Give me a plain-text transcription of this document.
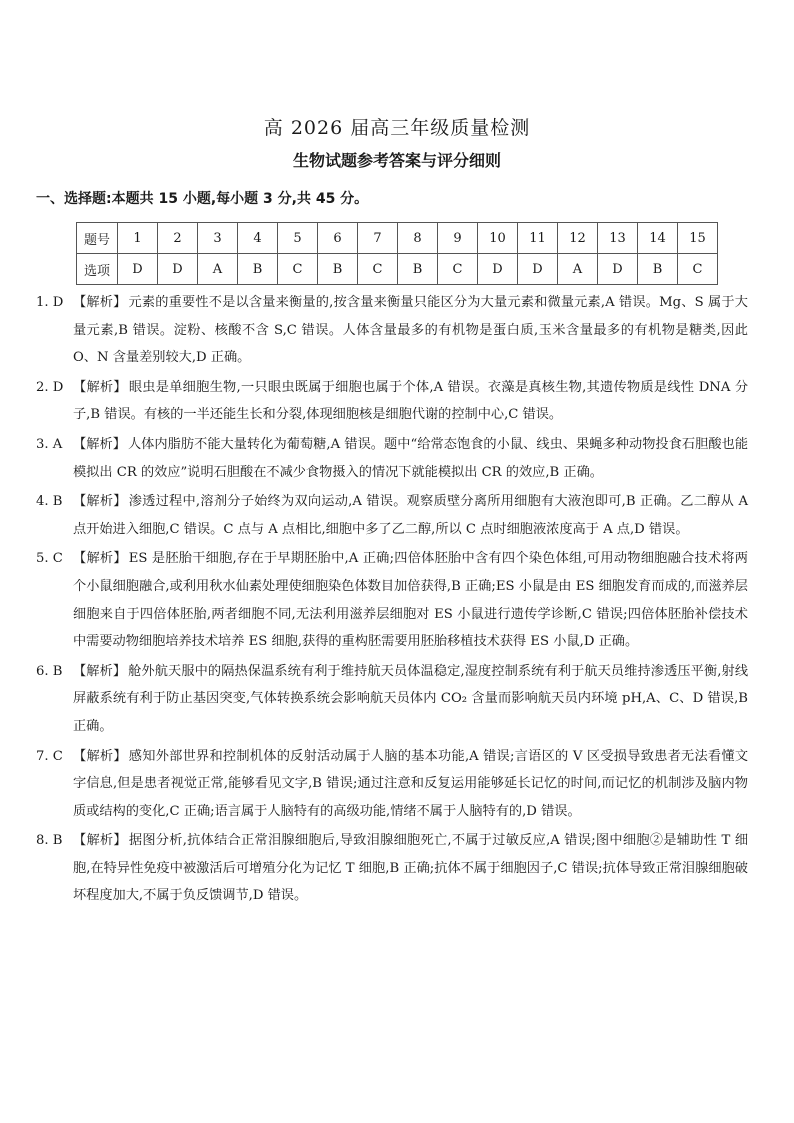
高 2026 届高三年级质量检测
生物试题参考答案与评分细则
一、选择题:本题共 15 小题,每小题 3 分,共 45 分。
题号	1	2	3	4	5	6	7	8	9	10	11	12	13	14	15
选项	D	D	A	B	C	B	C	B	C	D	D	A	D	B	C
1. D 【解析】 元素的重要性不是以含量来衡量的,按含量来衡量只能区分为大量元素和微量元素,A 错误。Mg、S 属于大量元素,B 错误。淀粉、核酸不含 S,C 错误。人体含量最多的有机物是蛋白质,玉米含量最多的有机物是糖类,因此 O、N 含量差别较大,D 正确。
2. D 【解析】 眼虫是单细胞生物,一只眼虫既属于细胞也属于个体,A 错误。衣藻是真核生物,其遗传物质是线性 DNA 分子,B 错误。有核的一半还能生长和分裂,体现细胞核是细胞代谢的控制中心,C 错误。
3. A 【解析】 人体内脂肪不能大量转化为葡萄糖,A 错误。题中“给常态饱食的小鼠、线虫、果蝇多种动物投食石胆酸也能模拟出 CR 的效应”说明石胆酸在不减少食物摄入的情况下就能模拟出 CR 的效应,B 正确。
4. B 【解析】 渗透过程中,溶剂分子始终为双向运动,A 错误。观察质壁分离所用细胞有大液泡即可,B 正确。乙二醇从 A 点开始进入细胞,C 错误。C 点与 A 点相比,细胞中多了乙二醇,所以 C 点时细胞液浓度高于 A 点,D 错误。
5. C 【解析】 ES 是胚胎干细胞,存在于早期胚胎中,A 正确;四倍体胚胎中含有四个染色体组,可用动物细胞融合技术将两个小鼠细胞融合,或利用秋水仙素处理使细胞染色体数目加倍获得,B 正确;ES 小鼠是由 ES 细胞发育而成的,而滋养层细胞来自于四倍体胚胎,两者细胞不同,无法利用滋养层细胞对 ES 小鼠进行遗传学诊断,C 错误;四倍体胚胎补偿技术中需要动物细胞培养技术培养 ES 细胞,获得的重构胚需要用胚胎移植技术获得 ES 小鼠,D 正确。
6. B 【解析】 舱外航天服中的隔热保温系统有利于维持航天员体温稳定,湿度控制系统有利于航天员维持渗透压平衡,射线屏蔽系统有利于防止基因突变,气体转换系统会影响航天员体内 CO₂ 含量而影响航天员内环境 pH,A、C、D 错误,B 正确。
7. C 【解析】 感知外部世界和控制机体的反射活动属于人脑的基本功能,A 错误;言语区的 V 区受损导致患者无法看懂文字信息,但是患者视觉正常,能够看见文字,B 错误;通过注意和反复运用能够延长记忆的时间,而记忆的机制涉及脑内物质或结构的变化,C 正确;语言属于人脑特有的高级功能,情绪不属于人脑特有的,D 错误。
8. B 【解析】 据图分析,抗体结合正常泪腺细胞后,导致泪腺细胞死亡,不属于过敏反应,A 错误;图中细胞②是辅助性 T 细胞,在特异性免疫中被激活后可增殖分化为记忆 T 细胞,B 正确;抗体不属于细胞因子,C 错误;抗体导致正常泪腺细胞破坏程度加大,不属于负反馈调节,D 错误。
